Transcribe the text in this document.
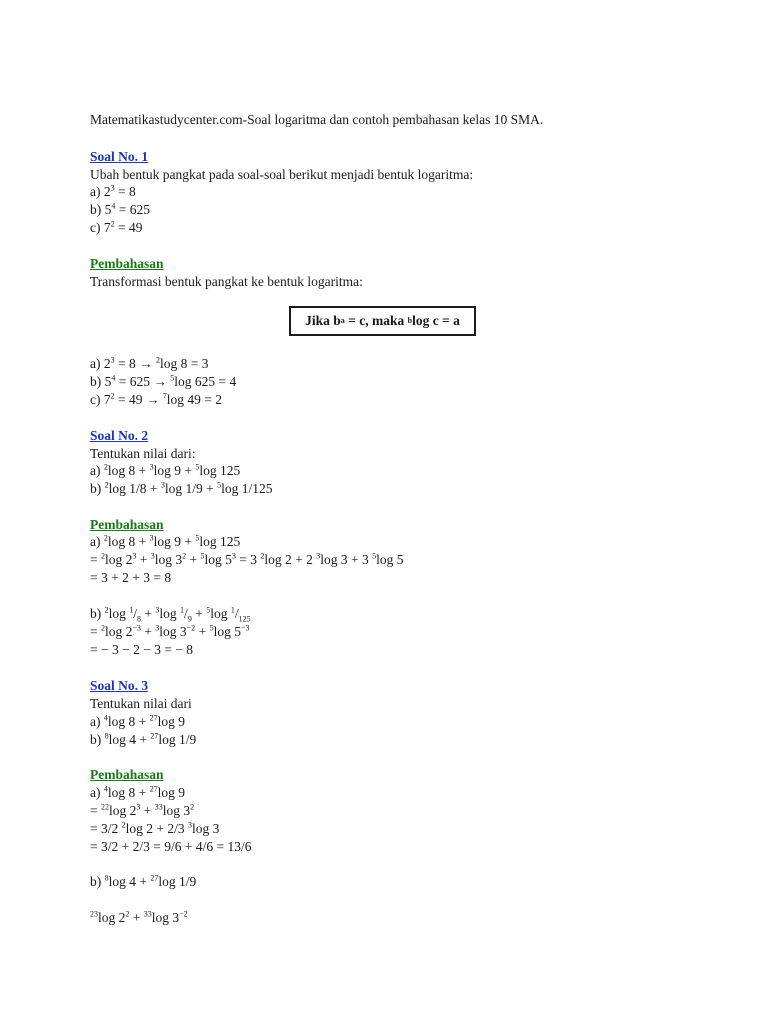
Matematikastudycenter.com-Soal logaritma dan contoh pembahasan kelas 10 SMA.
Soal No. 1
Ubah bentuk pangkat pada soal-soal berikut menjadi bentuk logaritma:
a) $2^3 = 8$
b) $5^4 = 625$
c) $7^2 = 49$
Pembahasan
Transformasi bentuk pangkat ke bentuk logaritma:
Jika b a = c, maka b log c = a
a) $2^3 = 8 \to ^2\log$ 8 = 3
b) $5^4 = 625 \to ^5\log$ 625 = 4
c) $7^2 = 49 \to ^7\log$ 49 = 2
Soal No. 2
Tentukan nilai dari:
a) $^2$log 8 + $^3$log 9 + $^5$log 125
b) $^2$log 1/8 + $^3$log 1/9 + $^5$log 1/125
Pembahasan
a) $^2$log 8 + $^3$log 9 + $^5$log 125
= $^2$log $2^3 + ^3\log$ $3^2 + ^5\log$ $5^3 = 3$ $^2$log 2 + 2 $^3$log 3 + 3 $^5$log 5
= 3 + 2 + 3 = 8
b) $^2$log $^1/_8 + ^3\log$ $^1/_9 + ^5\log$ $^1/_{125}$
= $^2$log $2^{-3} + ^3\log$ $3^{-2} + ^5\log$ $5^{-3}$
= − 3 − 2 − 3 = − 8
Soal No. 3
Tentukan nilai dari
a) $^4$log 8 + $^{27}$log 9
b) $^8$log 4 + $^{27}$log 1/9
Pembahasan
a) $^4$log 8 + $^{27}$log 9
= $^{22}$log $2^3 + ^{33}\log$ $3^2$
= 3/2 $^2$log 2 + 2/3 $^3$log 3
= 3/2 + 2/3 = 9/6 + 4/6 = 13/6
b) $^8$log 4 + $^{27}$log 1/9
$^{23}$log $2^2 + ^{33}\log$ $3^{-2}$
